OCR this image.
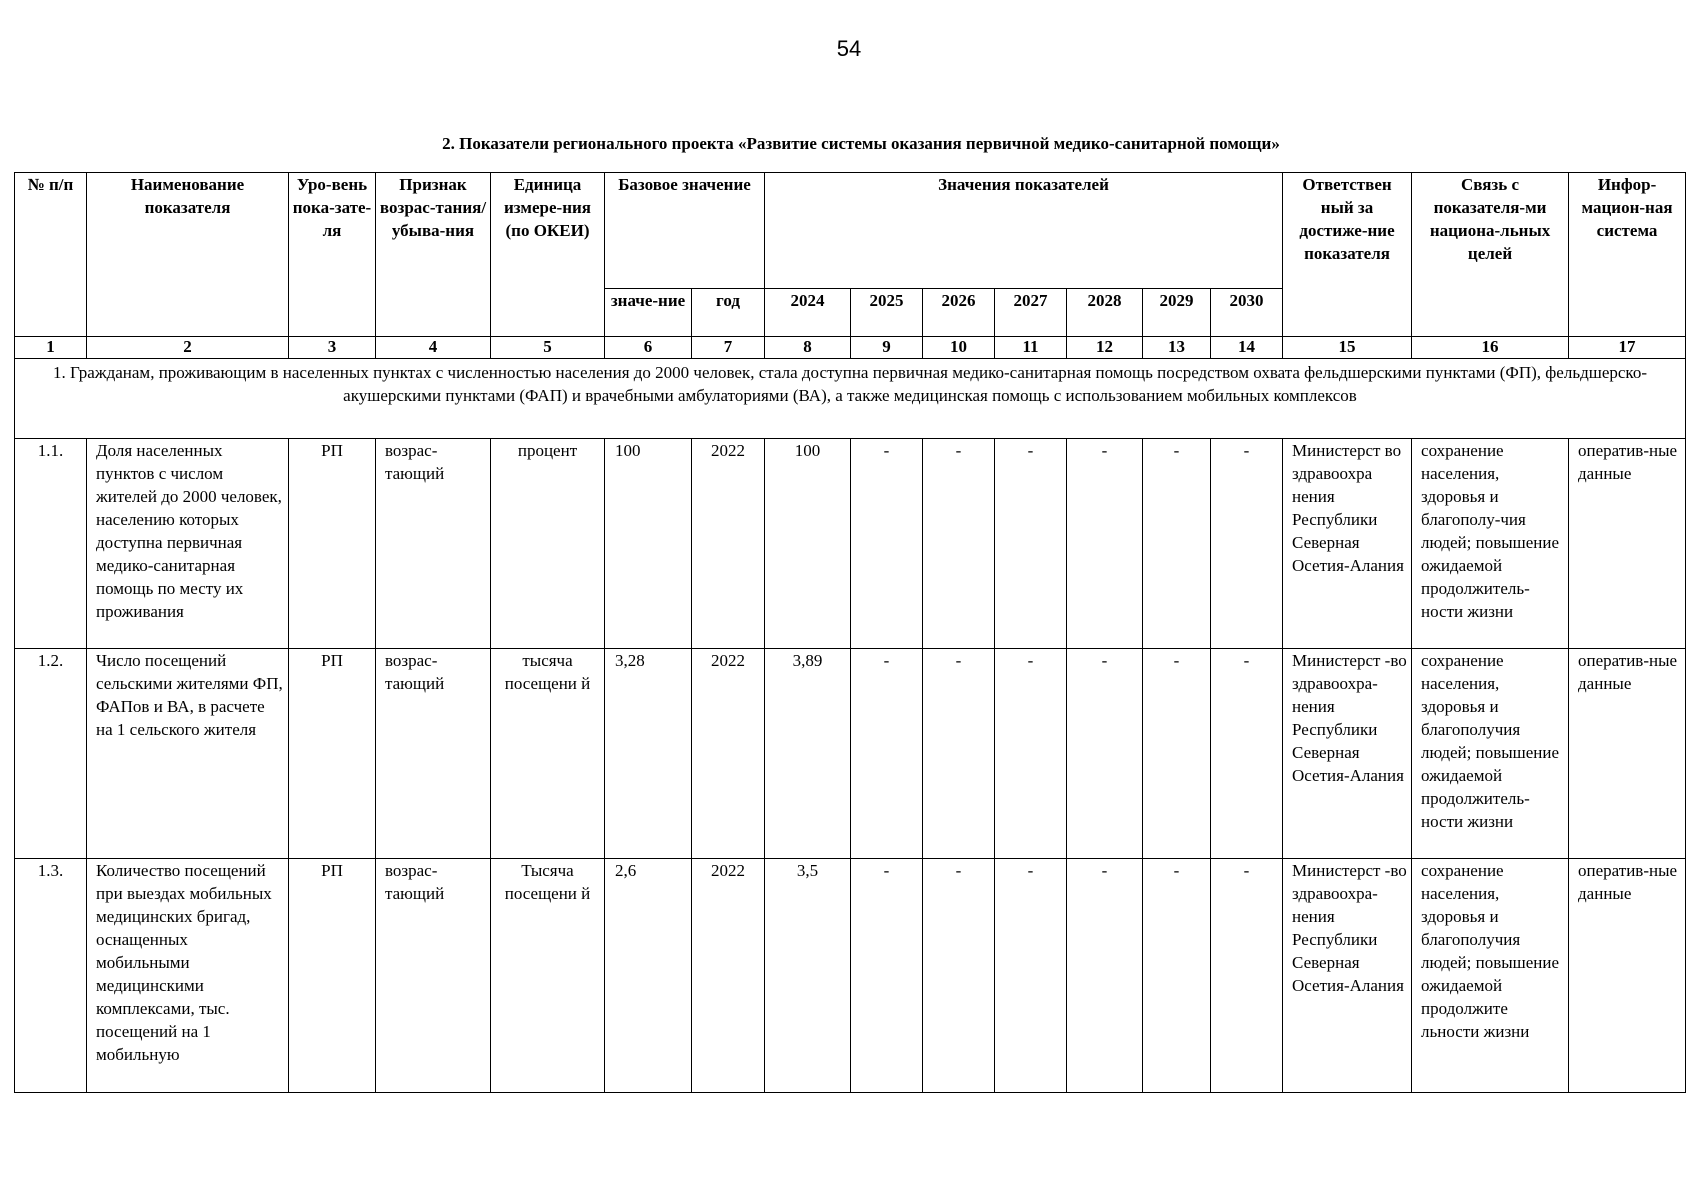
54
2. Показатели регионального проекта «Развитие системы оказания первичной медико-санитарной помощи»
№ п/п	Наименование показателя	Уро-вень пока-зате-ля	Признак возрас-тания/ убыва-ния	Единица измере-ния (по ОКЕИ)	Базовое значение		Значения показателей							Ответствен ный за достиже-ние показателя	Связь с показателя-ми национа-льных целей	Инфор-мацион-ная система
					значе-ние	год	2024	2025	2026	2027	2028	2029	2030			
1	2	3	4	5	6	7	8	9	10	11	12	13	14	15	16	17
1. Гражданам, проживающим в населенных пунктах с численностью населения до 2000 человек, стала доступна первичная медико-санитарная помощь посредством охвата фельдшерскими пунктами (ФП), фельдшерско-акушерскими пунктами (ФАП) и врачебными амбулаториями (ВА), а также медицинская помощь с использованием мобильных комплексов																
1.1.	Доля населенных пунктов с числом жителей до 2000 человек, населению которых доступна первичная медико-санитарная помощь по месту их проживания	РП	возрас-тающий	процент	100	2022	100	-	-	-	-	-	-	Министерст во здравоохра нения Республики Северная Осетия-Алания	сохранение населения, здоровья и благополу-чия людей; повышение ожидаемой продолжитель-ности жизни	оператив-ные данные
1.2.	Число посещений сельскими жителями ФП, ФАПов и ВА, в расчете на 1 сельского жителя	РП	возрас-тающий	тысяча посещени й	3,28	2022	3,89	-	-	-	-	-	-	Министерст -во здравоохра-нения Республики Северная Осетия-Алания	сохранение населения, здоровья и благополучия людей; повышение ожидаемой продолжитель-ности жизни	оператив-ные данные
1.3.	Количество посещений при выездах мобильных медицинских бригад, оснащенных мобильными медицинскими комплексами, тыс. посещений на 1 мобильную	РП	возрас-тающий	Тысяча посещени й	2,6	2022	3,5	-	-	-	-	-	-	Министерст -во здравоохра-нения Республики Северная Осетия-Алания	сохранение населения, здоровья и благополучия людей; повышение ожидаемой продолжите льности жизни	оператив-ные данные
